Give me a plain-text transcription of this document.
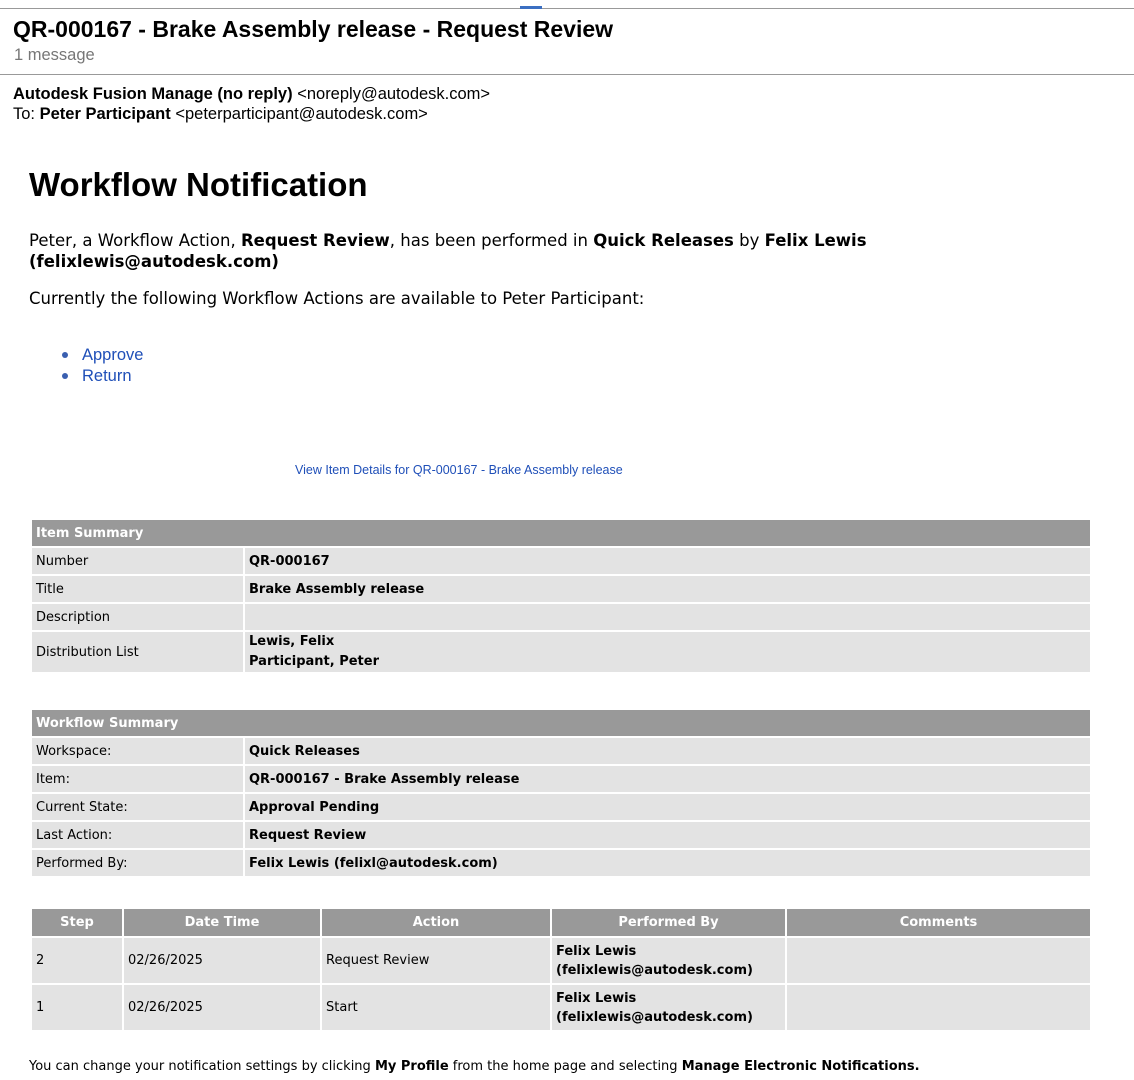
QR-000167 - Brake Assembly release - Request Review
1 message
Autodesk Fusion Manage (no reply) <noreply@autodesk.com>
To: Peter Participant <peterparticipant@autodesk.com>
Workflow Notification
Peter, a Workflow Action, Request Review, has been performed in Quick Releases by Felix Lewis (felixlewis@autodesk.com)
Currently the following Workflow Actions are available to Peter Participant:
Approve
Return
View Item Details for QR-000167 - Brake Assembly release
Item Summary	
Number	QR-000167
Title	Brake Assembly release
Description	
Distribution List	Lewis, Felix
Participant, Peter
Workflow Summary	
Workspace:	Quick Releases
Item:	QR-000167 - Brake Assembly release
Current State:	Approval Pending
Last Action:	Request Review
Performed By:	Felix Lewis (felixl@autodesk.com)
Step	Date Time	Action	Performed By	Comments
2	02/26/2025	Request Review	Felix Lewis
(felixlewis@autodesk.com)	

1	02/26/2025	Start	Felix Lewis
(felixlewis@autodesk.com)	

You can change your notification settings by clicking My Profile from the home page and selecting Manage Electronic Notifications.
